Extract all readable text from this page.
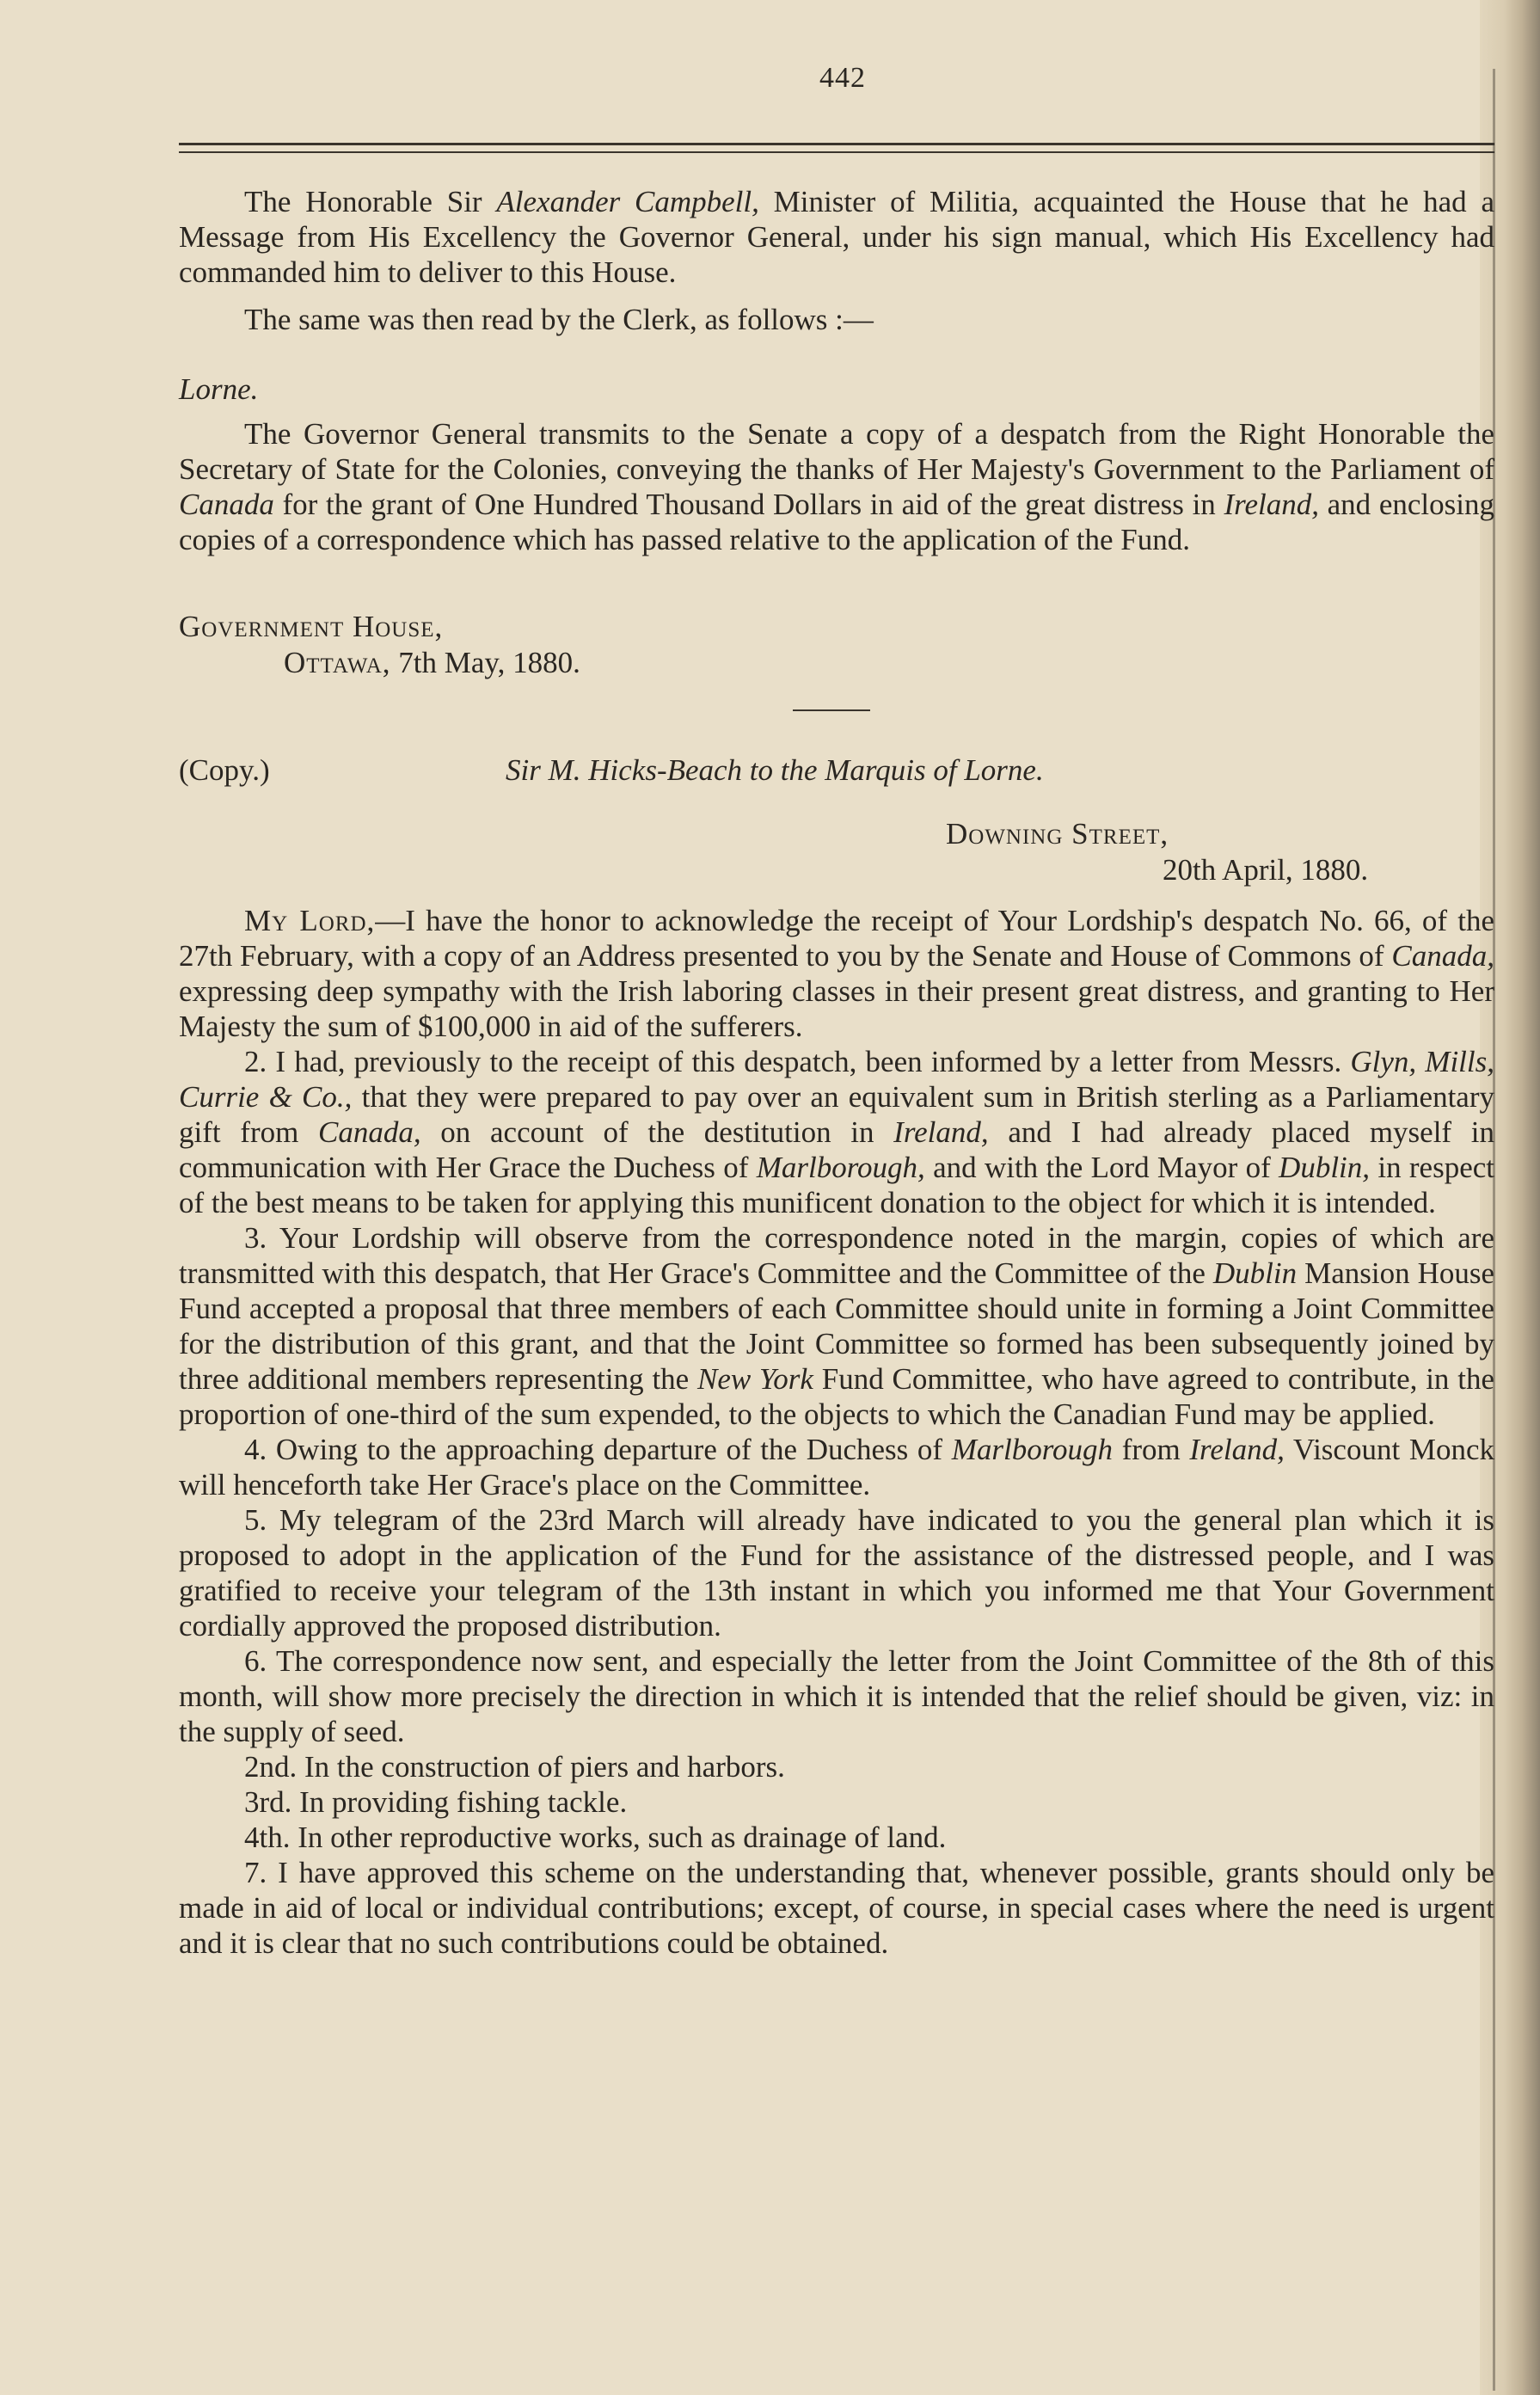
442

The Honorable Sir Alexander Campbell, Minister of Militia, acquainted the House that he had a Message from His Excellency the Governor General, under his sign manual, which His Excellency had commanded him to deliver to this House.

The same was then read by the Clerk, as follows :—

Lorne.

The Governor General transmits to the Senate a copy of a despatch from the Right Honorable the Secretary of State for the Colonies, conveying the thanks of Her Majesty's Government to the Parliament of Canada for the grant of One Hundred Thousand Dollars in aid of the great distress in Ireland, and enclosing copies of a correspondence which has passed relative to the application of the Fund.

Government House,
Ottawa, 7th May, 1880.
(Copy.)	Sir M. Hicks-Beach to the Marquis of Lorne.
Downing Street,
20th April, 1880.

My Lord,—I have the honor to acknowledge the receipt of Your Lordship's despatch No. 66, of the 27th February, with a copy of an Address presented to you by the Senate and House of Commons of Canada, expressing deep sympathy with the Irish laboring classes in their present great distress, and granting to Her Majesty the sum of $100,000 in aid of the sufferers.

2. I had, previously to the receipt of this despatch, been informed by a letter from Messrs. Glyn, Mills, Currie & Co., that they were prepared to pay over an equivalent sum in British sterling as a Parliamentary gift from Canada, on account of the destitution in Ireland, and I had already placed myself in communication with Her Grace the Duchess of Marlborough, and with the Lord Mayor of Dublin, in respect of the best means to be taken for applying this munificent donation to the object for which it is intended.

3. Your Lordship will observe from the correspondence noted in the margin, copies of which are transmitted with this despatch, that Her Grace's Committee and the Committee of the Dublin Mansion House Fund accepted a proposal that three members of each Committee should unite in forming a Joint Committee for the distribution of this grant, and that the Joint Committee so formed has been subsequently joined by three additional members representing the New York Fund Committee, who have agreed to contribute, in the proportion of one-third of the sum expended, to the objects to which the Canadian Fund may be applied.

4. Owing to the approaching departure of the Duchess of Marlborough from Ireland, Viscount Monck will henceforth take Her Grace's place on the Committee.

5. My telegram of the 23rd March will already have indicated to you the general plan which it is proposed to adopt in the application of the Fund for the assistance of the distressed people, and I was gratified to receive your telegram of the 13th instant in which you informed me that Your Government cordially approved the proposed distribution.

6. The correspondence now sent, and especially the letter from the Joint Committee of the 8th of this month, will show more precisely the direction in which it is intended that the relief should be given, viz: in the supply of seed.

2nd. In the construction of piers and harbors.

3rd. In providing fishing tackle.

4th. In other reproductive works, such as drainage of land.

7. I have approved this scheme on the understanding that, whenever possible, grants should only be made in aid of local or individual contributions; except, of course, in special cases where the need is urgent and it is clear that no such contributions could be obtained.
